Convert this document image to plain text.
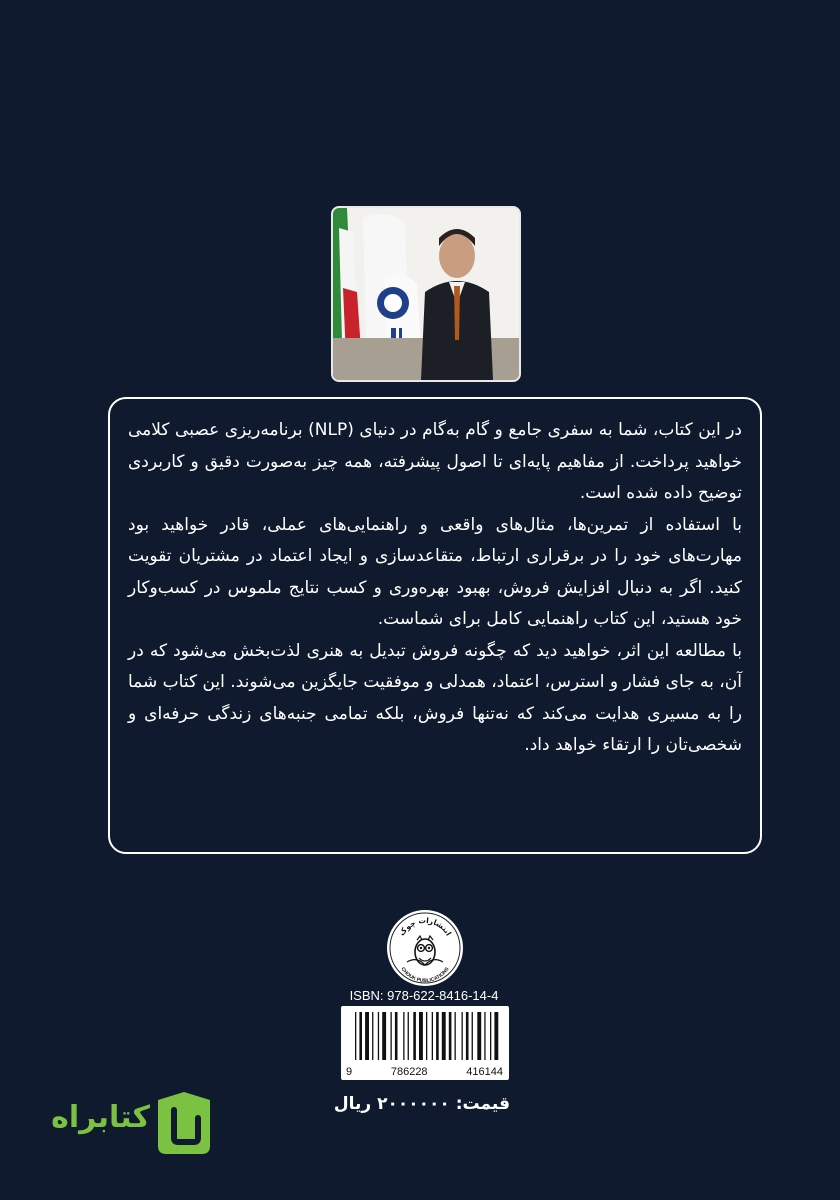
در این کتاب، شما به سفری جامع و گام به‌گام در دنیای (NLP) برنامه‌ریزی عصبی کلامی خواهید پرداخت. از مفاهیم پایه‌ای تا اصول پیشرفته، همه چیز به‌صورت دقیق و کاربردی توضیح داده شده است.

با استفاده از تمرین‌ها، مثال‌های واقعی و راهنمایی‌های عملی، قادر خواهید بود مهارت‌های خود را در برقراری ارتباط، متقاعدسازی و ایجاد اعتماد در مشتریان تقویت کنید. اگر به دنبال افزایش فروش، بهبود بهره‌وری و کسب نتایج ملموس در کسب‌وکار خود هستید، این کتاب راهنمایی کامل برای شماست.

با مطالعه این اثر، خواهید دید که چگونه فروش تبدیل به هنری لذت‌بخش می‌شود که در آن، به جای فشار و استرس، اعتماد، همدلی و موفقیت جایگزین می‌شوند. این کتاب شما را به مسیری هدایت می‌کند که نه‌تنها فروش، بلکه تمامی جنبه‌های زندگی حرفه‌ای و شخصی‌تان را ارتقاء خواهد داد.

انتشارات چوک
CHOUK PUBLICATIONS
ISBN: 978-622-8416-14-4
9	786228	416144
قیمت:۲۰۰۰۰۰۰ ریال
کتابراه
